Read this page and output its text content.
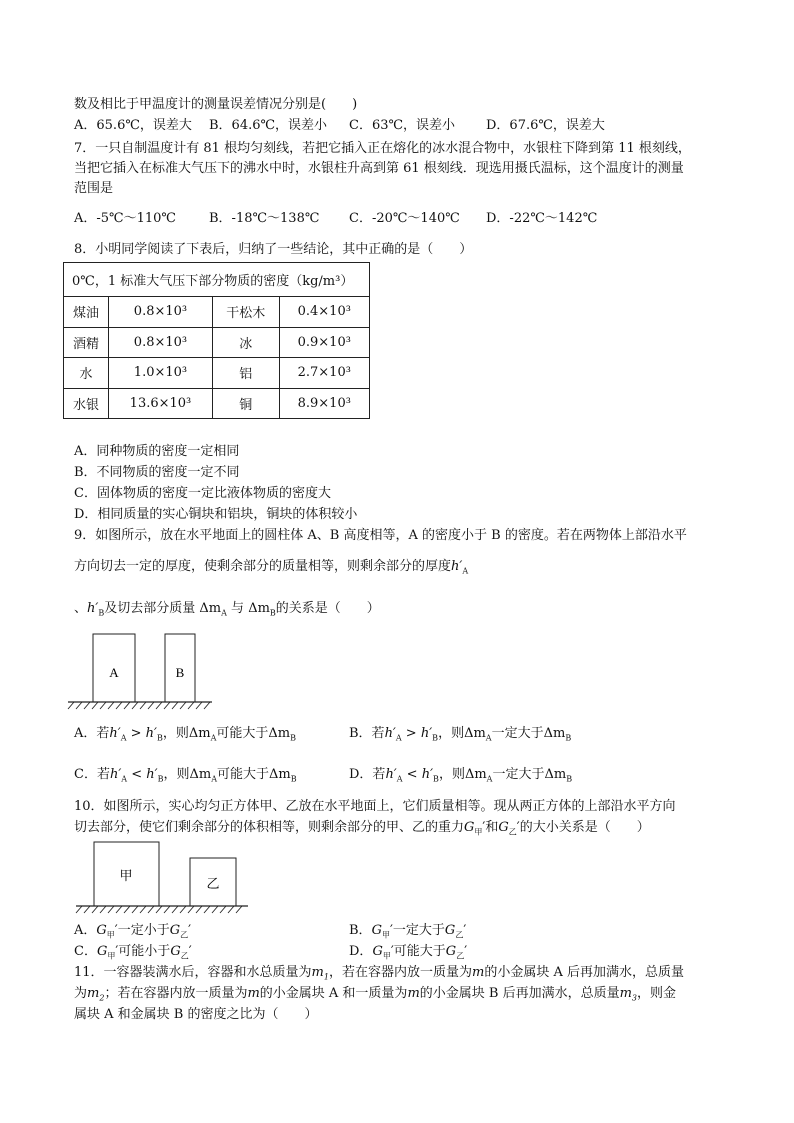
数及相比于甲温度计的测量误差情况分别是(　　)
A．65.6℃，误差大 B．64.6℃，误差小 C．63℃，误差小 D．67.6℃，误差大
7．一只自制温度计有 81 根均匀刻线，若把它插入正在熔化的冰水混合物中，水银柱下降到第 11 根刻线，
当把它插入在标准大气压下的沸水中时，水银柱升高到第 61 根刻线．现选用摄氏温标，这个温度计的测量
范围是
A．-5℃～110℃	B．-18℃～138℃ C．-20℃～140℃ D．-22℃～142℃
8．小明同学阅读了下表后，归纳了一些结论，其中正确的是（　　）
0℃，1 标准大气压下部分物质的密度（kg/m³）			
煤油	0.8×10³	干松木	0.4×10³
酒精	0.8×10³	冰	0.9×10³
水	1.0×10³	铝	2.7×10³
水银	13.6×10³	铜	8.9×10³
A．同种物质的密度一定相同
B．不同物质的密度一定不同
C．固体物质的密度一定比液体物质的密度大
D．相同质量的实心铜块和铝块，铜块的体积较小
9．如图所示，放在水平地面上的圆柱体 A、B 高度相等，A 的密度小于 B 的密度。若在两物体上部沿水平
方向切去一定的厚度，使剩余部分的质量相等，则剩余部分的厚度$h'_A$
、$h'_B$及切去部分质量 $\Delta m_A$ 与 $\Delta m_B$的关系是（　　）
A	B
A．若$h'_A > h'_B$，则$\Delta m_A$可能大于$\Delta m_B$	B．若$h'_A > h'_B$，则$\Delta m_A$一定大于$\Delta m_B$
C．若$h'_A < h'_B$，则$\Delta m_A$可能大于$\Delta m_B$	D．若$h'_A < h'_B$，则$\Delta m_A$一定大于$\Delta m_B$
10．如图所示，实心均匀正方体甲、乙放在水平地面上，它们质量相等。现从两正方体的上部沿水平方向
切去部分，使它们剩余部分的体积相等，则剩余部分的甲、乙的重力$G_甲'$和$G_乙'$的大小关系是（　　）
甲
乙
A．$G_甲'$一定小于$G_乙'$	B．$G_甲'$一定大于$G_乙'$
C．$G_甲'$可能小于$G_乙'$	D．$G_甲'$可能大于$G_乙'$
11．一容器装满水后，容器和水总质量为$m_1$，若在容器内放一质量为m的小金属块 A 后再加满水，总质量
为$m_2$；若在容器内放一质量为m的小金属块 A 和一质量为m的小金属块 B 后再加满水，总质量$m_3$，则金
属块 A 和金属块 B 的密度之比为（　　）
